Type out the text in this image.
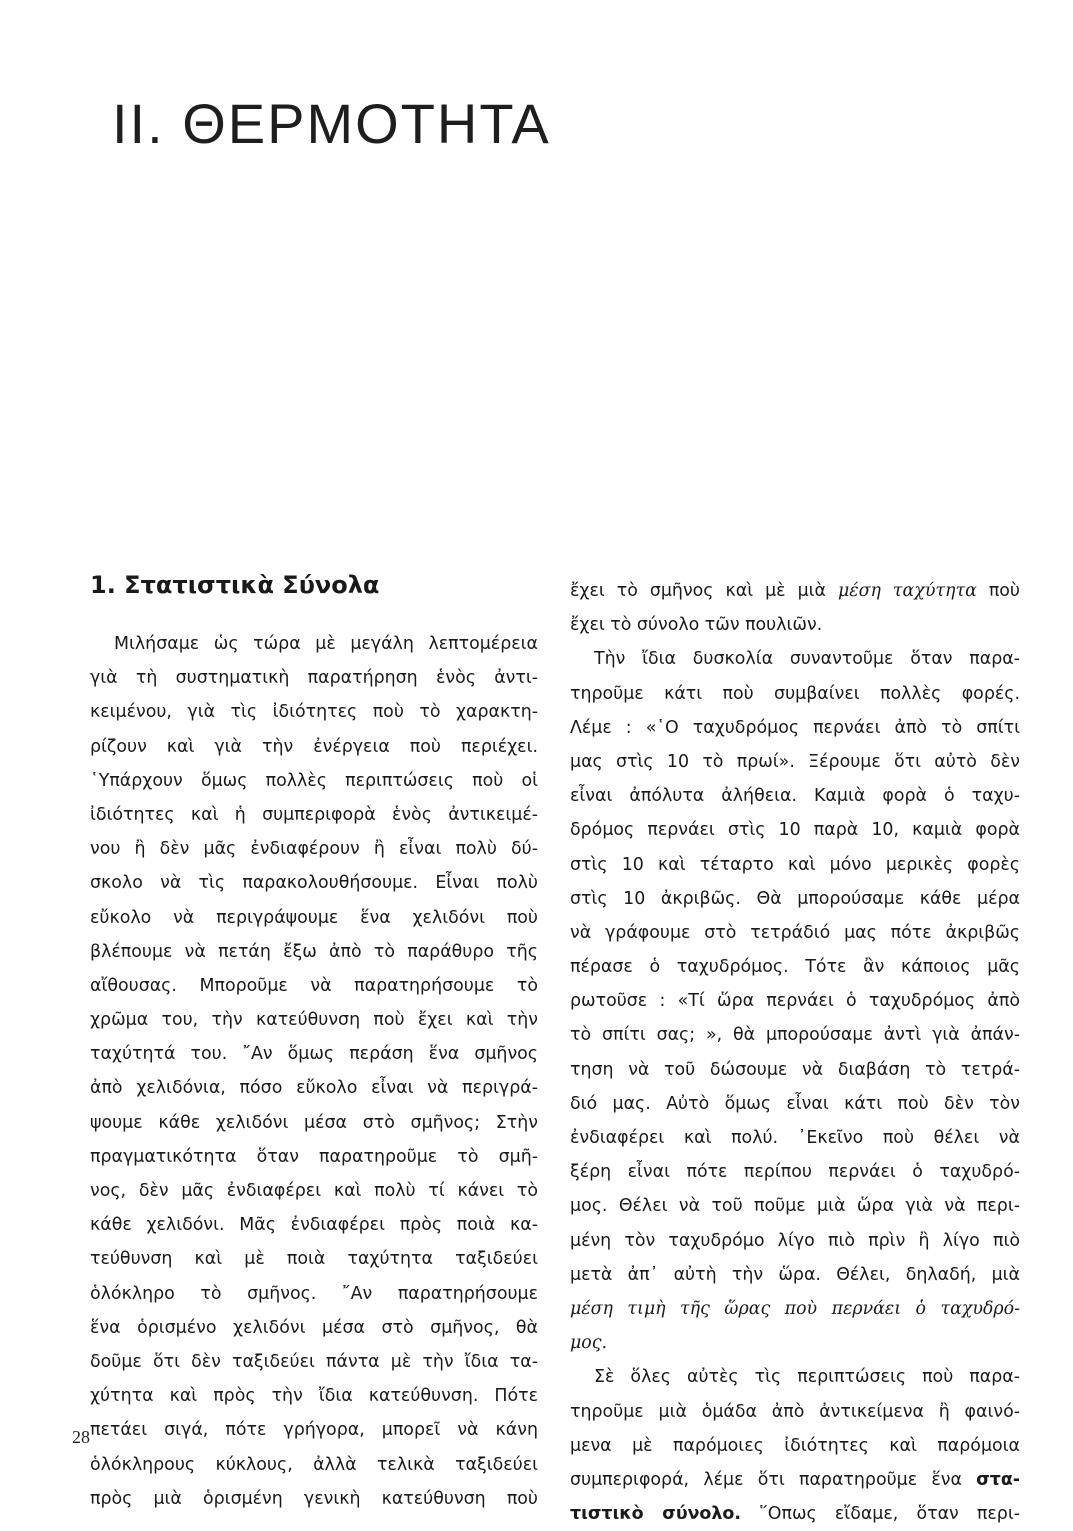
II. ΘΕΡΜΟΤΗΤΑ
1. Στατιστικὰ Σύνολα
Μιλήσαμε ὡς τώρα μὲ μεγάλη λεπτομέρεια
γιὰ τὴ συστηματικὴ παρατήρηση ἑνὸς ἀντι-
κειμένου, γιὰ τὶς ἰδιότητες ποὺ τὸ χαρακτη-
ρίζουν καὶ γιὰ τὴν ἐνέργεια ποὺ περιέχει.
῾Υπάρχουν ὅμως πολλὲς περιπτώσεις ποὺ οἱ
ἰδιότητες καὶ ἡ συμπεριφορὰ ἑνὸς ἀντικειμέ-
νου ἢ δὲν μᾶς ἐνδιαφέρουν ἢ εἶναι πολὺ δύ-
σκολο νὰ τὶς παρακολουθήσουμε. Εἶναι πολὺ
εὔκολο νὰ περιγράψουμε ἕνα χελιδόνι ποὺ
βλέπουμε νὰ πετάη ἔξω ἀπὸ τὸ παράθυρο τῆς
αἴθουσας. Μποροῦμε νὰ παρατηρήσουμε τὸ
χρῶμα του, τὴν κατεύθυνση ποὺ ἔχει καὶ τὴν
ταχύτητά του. ῎Αν ὅμως περάση ἕνα σμῆνος
ἀπὸ χελιδόνια, πόσο εὔκολο εἶναι νὰ περιγρά-
ψουμε κάθε χελιδόνι μέσα στὸ σμῆνος; Στὴν
πραγματικότητα ὅταν παρατηροῦμε τὸ σμῆ-
νος, δὲν μᾶς ἐνδιαφέρει καὶ πολὺ τί κάνει τὸ
κάθε χελιδόνι. Μᾶς ἐνδιαφέρει πρὸς ποιὰ κα-
τεύθυνση καὶ μὲ ποιὰ ταχύτητα ταξιδεύει
ὁλόκληρο τὸ σμῆνος. ῎Αν παρατηρήσουμε
ἕνα ὁρισμένο χελιδόνι μέσα στὸ σμῆνος, θὰ
δοῦμε ὅτι δὲν ταξιδεύει πάντα μὲ τὴν ἴδια τα-
χύτητα καὶ πρὸς τὴν ἴδια κατεύθυνση. Πότε
πετάει σιγά, πότε γρήγορα, μπορεῖ νὰ κάνη
ὁλόκληρους κύκλους, ἀλλὰ τελικὰ ταξιδεύει
πρὸς μιὰ ὁρισμένη γενικὴ κατεύθυνση ποὺ
ἔχει τὸ σμῆνος καὶ μὲ μιὰ μέση ταχύτητα ποὺ
ἔχει τὸ σύνολο τῶν πουλιῶν.
Τὴν ἴδια δυσκολία συναντοῦμε ὅταν παρα-
τηροῦμε κάτι ποὺ συμβαίνει πολλὲς φορές.
Λέμε : «῾Ο ταχυδρόμος περνάει ἀπὸ τὸ σπίτι
μας στὶς 10 τὸ πρωί». Ξέρουμε ὅτι αὐτὸ δὲν
εἶναι ἀπόλυτα ἀλήθεια. Καμιὰ φορὰ ὁ ταχυ-
δρόμος περνάει στὶς 10 παρὰ 10, καμιὰ φορὰ
στὶς 10 καὶ τέταρτο καὶ μόνο μερικὲς φορὲς
στὶς 10 ἀκριβῶς. Θὰ μπορούσαμε κάθε μέρα
νὰ γράφουμε στὸ τετράδιό μας πότε ἀκριβῶς
πέρασε ὁ ταχυδρόμος. Τότε ἂν κάποιος μᾶς
ρωτοῦσε : «Τί ὥρα περνάει ὁ ταχυδρόμος ἀπὸ
τὸ σπίτι σας; », θὰ μπορούσαμε ἀντὶ γιὰ ἀπάν-
τηση νὰ τοῦ δώσουμε νὰ διαβάση τὸ τετρά-
διό μας. Αὐτὸ ὅμως εἶναι κάτι ποὺ δὲν τὸν
ἐνδιαφέρει καὶ πολύ. ᾿Εκεῖνο ποὺ θέλει νὰ
ξέρη εἶναι πότε περίπου περνάει ὁ ταχυδρό-
μος. Θέλει νὰ τοῦ ποῦμε μιὰ ὥρα γιὰ νὰ περι-
μένη τὸν ταχυδρόμο λίγο πιὸ πρὶν ἢ λίγο πιὸ
μετὰ ἀπ᾿ αὐτὴ τὴν ὥρα. Θέλει, δηλαδή, μιὰ
μέση τιμὴ τῆς ὥρας ποὺ περνάει ὁ ταχυδρό-
μος.
Σὲ ὅλες αὐτὲς τὶς περιπτώσεις ποὺ παρα-
τηροῦμε μιὰ ὁμάδα ἀπὸ ἀντικείμενα ἢ φαινό-
μενα μὲ παρόμοιες ἰδιότητες καὶ παρόμοια
συμπεριφορά, λέμε ὅτι παρατηροῦμε ἕνα στα-
τιστικὸ σύνολο. ῞Οπως εἴδαμε, ὅταν περι-
28
